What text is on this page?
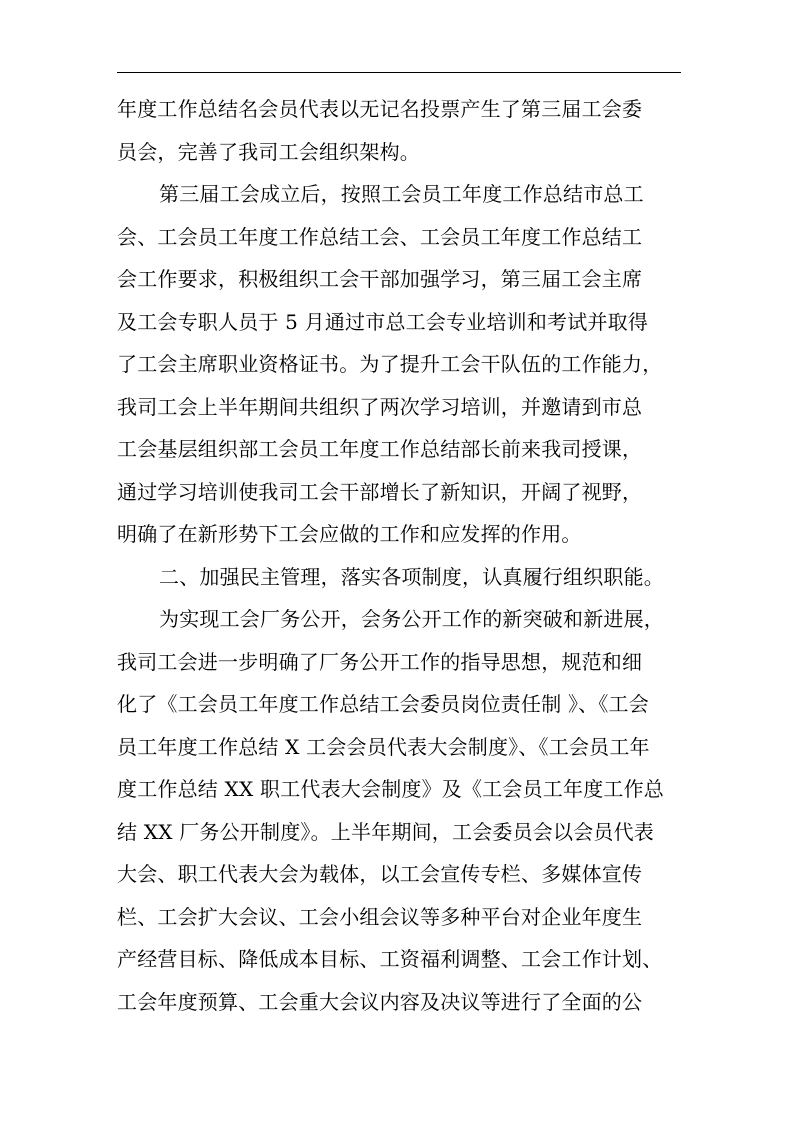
年度工作总结名会员代表以无记名投票产生了第三届工会委
员会，完善了我司工会组织架构。
第三届工会成立后，按照工会员工年度工作总结市总工
会、工会员工年度工作总结工会、工会员工年度工作总结工
会工作要求，积极组织工会干部加强学习，第三届工会主席
及工会专职人员于 5 月通过市总工会专业培训和考试并取得
了工会主席职业资格证书。为了提升工会干队伍的工作能力，
我司工会上半年期间共组织了两次学习培训，并邀请到市总
工会基层组织部工会员工年度工作总结部长前来我司授课，
通过学习培训使我司工会干部增长了新知识，开阔了视野，
明确了在新形势下工会应做的工作和应发挥的作用。
二、加强民主管理，落实各项制度，认真履行组织职能。
为实现工会厂务公开，会务公开工作的新突破和新进展，
我司工会进一步明确了厂务公开工作的指导思想，规范和细
化了《工会员工年度工作总结工会委员岗位责任制 》、《工会
员工年度工作总结 X 工会会员代表大会制度》、《工会员工年
度工作总结 XX 职工代表大会制度》及《工会员工年度工作总
结 XX 厂务公开制度》。上半年期间，工会委员会以会员代表
大会、职工代表大会为载体，以工会宣传专栏、多媒体宣传
栏、工会扩大会议、工会小组会议等多种平台对企业年度生
产经营目标、降低成本目标、工资福利调整、工会工作计划、
工会年度预算、工会重大会议内容及决议等进行了全面的公
